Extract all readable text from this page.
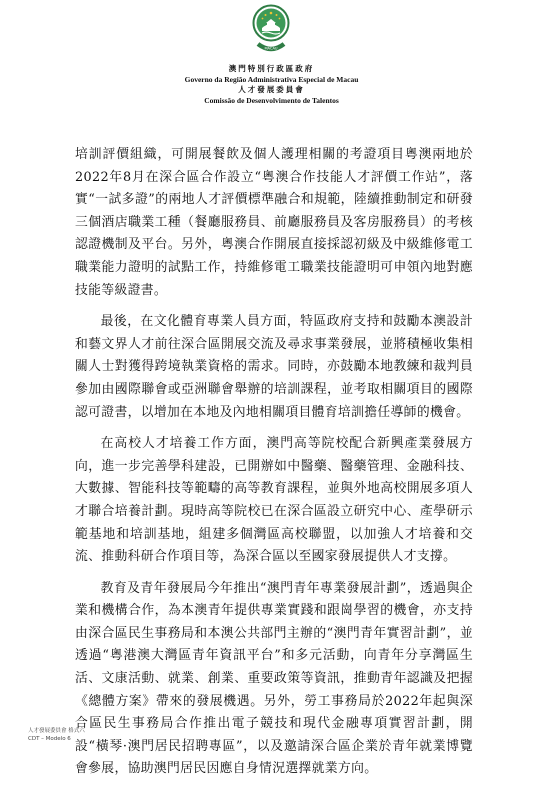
MACAU
澳門特別行政區政府
Governo da Região Administrativa Especial de Macau
人才發展委員會
Comissão de Desenvolvimento de Talentos

培訓評價組織，可開展餐飲及個人護理相關的考證項目粵澳兩地於2022年8月在深合區合作設立“粵澳合作技能人才評價工作站”，落實“一試多證”的兩地人才評價標準融合和規範，陸續推動制定和研發三個酒店職業工種（餐廳服務員、前廳服務員及客房服務員）的考核認證機制及平台。另外，粵澳合作開展直接採認初級及中級維修電工職業能力證明的試點工作，持維修電工職業技能證明可申領內地對應技能等級證書。

最後，在文化體育專業人員方面，特區政府支持和鼓勵本澳設計和藝文界人才前往深合區開展交流及尋求事業發展，並將積極收集相關人士對獲得跨境執業資格的需求。同時，亦鼓勵本地教練和裁判員參加由國際聯會或亞洲聯會舉辦的培訓課程，並考取相關項目的國際認可證書，以增加在本地及內地相關項目體育培訓擔任導師的機會。

在高校人才培養工作方面，澳門高等院校配合新興產業發展方向，進一步完善學科建設，已開辦如中醫藥、醫藥管理、金融科技、大數據、智能科技等範疇的高等教育課程，並與外地高校開展多項人才聯合培養計劃。現時高等院校已在深合區設立研究中心、產學研示範基地和培訓基地，組建多個灣區高校聯盟，以加強人才培養和交流、推動科研合作項目等，為深合區以至國家發展提供人才支撐。

教育及青年發展局今年推出“澳門青年專業發展計劃”，透過與企業和機構合作，為本澳青年提供專業實踐和跟崗學習的機會，亦支持由深合區民生事務局和本澳公共部門主辦的“澳門青年實習計劃”，並透過“粵港澳大灣區青年資訊平台”和多元活動，向青年分享灣區生活、文康活動、就業、創業、重要政策等資訊，推動青年認識及把握《總體方案》帶來的發展機遇。另外，勞工事務局於2022年起與深合區民生事務局合作推出電子競技和現代金融專項實習計劃，開設“橫琴·澳門居民招聘專區”，以及邀請深合區企業於青年就業博覽會參展，協助澳門居民因應自身情況選擇就業方向。

人才發展委員會 格式六
CDT – Modelo 6
